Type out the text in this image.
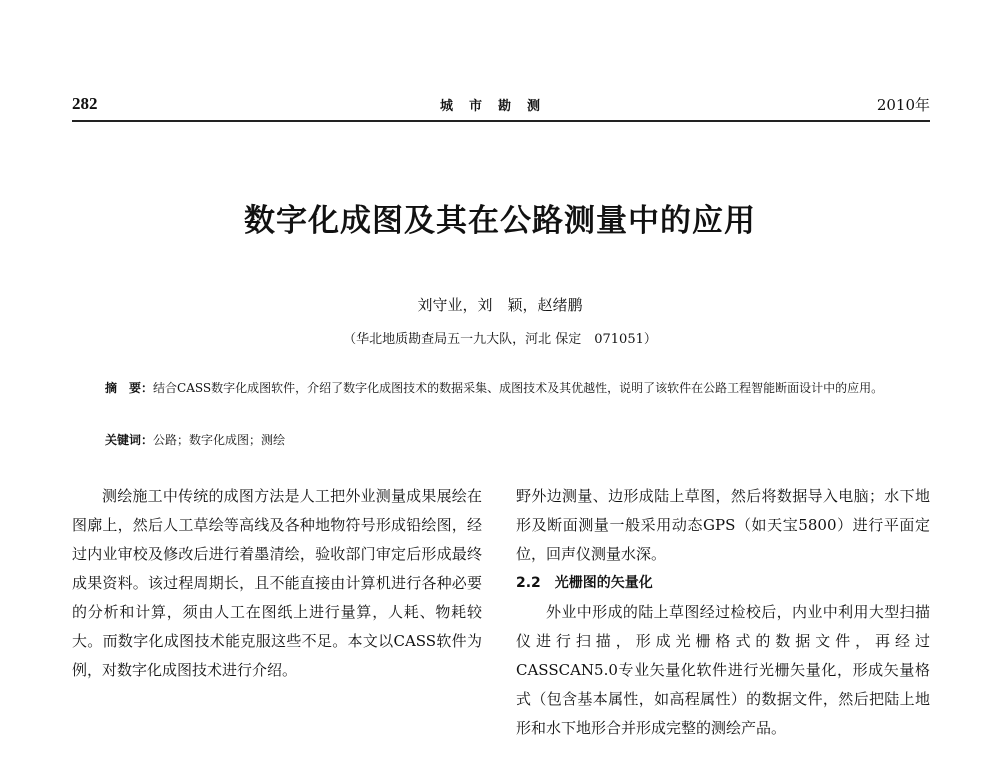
282	城市勘测	2010年
数字化成图及其在公路测量中的应用
刘守业，刘　颖，赵绪鹏
（华北地质勘查局五一九大队，河北 保定　071051）
摘　要：结合CASS数字化成图软件，介绍了数字化成图技术的数据采集、成图技术及其优越性，说明了该软件在公路工程智能断面设计中的应用。
关键词：公路；数字化成图；测绘

测绘施工中传统的成图方法是人工把外业测量成果展绘在图廓上，然后人工草绘等高线及各种地物符号形成铅绘图，经过内业审校及修改后进行着墨清绘，验收部门审定后形成最终成果资料。该过程周期长，且不能直接由计算机进行各种必要的分析和计算，须由人工在图纸上进行量算，人耗、物耗较大。而数字化成图技术能克服这些不足。本文以CASS软件为例，对数字化成图技术进行介绍。

野外边测量、边形成陆上草图，然后将数据导入电脑；水下地形及断面测量一般采用动态GPS（如天宝5800）进行平面定位，回声仪测量水深。

2.2　光栅图的矢量化

外业中形成的陆上草图经过检校后，内业中利用大型扫描仪进行扫描，形成光栅格式的数据文件，再经过CASSCAN5.0专业矢量化软件进行光栅矢量化，形成矢量格式（包含基本属性，如高程属性）的数据文件，然后把陆上地形和水下地形合并形成完整的测绘产品。
